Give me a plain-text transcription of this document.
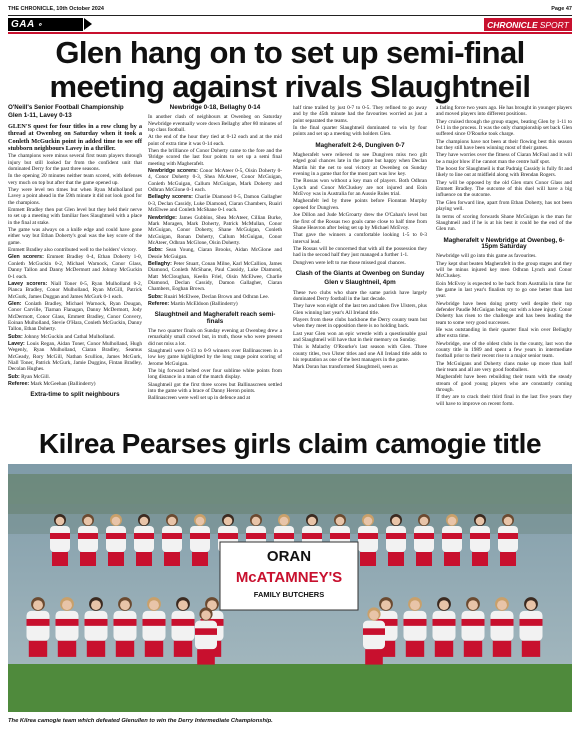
THE CHRONICLE, 10th October 2024	Page 47
GAA ⚬	CHRONICLE SPORT
Glen hang on to set up semi-final meeting against rivals Slaughtneil

O'Neill's Senior Football Championship

Glen 1-11, Lavey 0-13

GLEN'S quest for four titles in a row clung by a thread at Owenbeg on Saturday when it took a Conleth McGuckin point in added time to see off stubborn neighbours Lavey in a thriller.

The champions were minus several first team players through injury but still looked far from the confident unit that dominated Derry for the past three seasons.

In the opening 20 minutes neither team scored, with defenses very much on top but after that the game opened up.

They were level ten times but when Ryan Mulholland put Lavey a point ahead in the 59th minute it did not look good for the champions.

Emmett Bradley then put Glen level but they held their nerve to set up a meeting with familiar foes Slaughtneil with a place in the final at stake.

The game was always on a knife edge and could have gone either way but Ethan Doherty's goal was the key score of the game.

Emmett Bradley also contributed well to the holders' victory.

Glen scorers: Emmett Bradley 0-4, Ethan Doherty 1-0, Conleth McGuckin 0-2, Michael Warnock, Conor Glass, Danny Tallon and Danny McDermott and Johnny McGuckin 0-1 each.

Lavey scorers: Niall Toner 0-5, Ryan Mulholland 0-2, Pianca Bradley, Conor Mulholland, Ryan McGill, Patrick McGurk, James Duggan and James McGurk 0-1 each.

Glen: Conlath Bradley, Michael Warnock, Ryan Dougan, Conor Carville, Tiarnan Flanagan, Danny McDermott, Jody McDermott, Conor Glass, Emmett Bradley, Conor Convery, Eoinan Mulholland, Stevie O'Hara, Conleth McGuckin, Danny Tallon, Ethan Doherty.

Subs: Johnny McGuckin and Cathal Mulholland.

Lavey: Louis Regan, Aidan Toner, Conor Mulholland, Hugh Wegenly, Ryan Mulholland, Ciaran Bradley, Seamus McGeady, Rory McGill, Nathan Scullion, James McGurk, Niall Toner, Patrick McGurk, Jamie Duggins, Fintan Bradley, Decolan Hughes.

Sub: Ryan McGill.

Referee: Mark McGeehan (Ballinderry)

Extra-time to split neighbours

Newbridge 0-18, Bellaghy 0-14

In another clash of neighbours at Owenbeg on Saturday Newbridge eventually wore down Bellaghy after 80 minutes of top class football.

At the end of the hour they tied at 0-12 each and at the mid point of extra time it was 0-14 each.

Then the brilliance of Conor Doherty came to the fore and the 'Bridge scored the last four points to set up a semi final meeting with Magherafelt.

Newbridge scorers: Conor McAteer 0-5, Oisin Doherty 0-4, Conor Doherty 0-3, Shea McAteer, Conor McGuigan, Conleth McGuigan, Callum McGuigan, Mark Doherty and Odhran McGlone 0-1 each.

Bellaghy scorers: Charlie Diamond 0-5, Damon Gallagher 0-3, Declan Cassidy, Luke Diamond, Ciaran Chambers, Ruairi McElwee and Conleth McShane 0-1 each.

Newbridge: James Gubbins, Shea McAteer, Cillian Burke, Mark Moragen, Mark Doherty, Patrick McMullan, Conor McGuigan, Conor Doherty, Shane McGuigan, Conleth McGuigan, Ronan Doherty, Callum McGuigan, Conor McAteer, Odhran McGlone, Oisin Doherty.

Subs: Sean Young, Ciaran Brooks, Aidan McGlone and Dessie McGuigan.

Bellaghy: Peter Stuart, Conan Milne, Karl McCallion, James Diamond, Conleth McShane, Paul Cassidy, Luke Diamond, Matt McCloughan, Keelin Friel, Oisin McElwee, Charlie Diamond, Declan Cassidy, Damon Gallagher, Ciaran Chambers, Eoghan Brown.

Subs: Ruairi McElwee, Declan Brown and Odhran Lee.

Referee: Martin McEldoon (Ballinderry)

Slaughtneil and Magherafelt reach semi-finals

The two quarter finals on Sunday evening at Owenbeg drew a remarkably small crowd but, in truth, those who were present did not miss a lot.

Slaughtneil were 0-13 to 0-9 winners over Ballinascreen in a low key game highlighted by the long range point scoring of Jerome McGuigan.

The big forward belted over four sublime white points from long distance in a man of the match display.

Slaughtneil got the first three scores but Ballinascreen settled into the game with a brace of Danny Heron points.

Ballinascreen were well set up in defence and at

half time trailed by just 0-7 to 0-5. They refined to go away and by the 45th minute had the favourites worried as just a point separated the teams.

In the final quarter Slaughtneil dominated to win by four points and set up a meeting with holders Glen.

Magherafelt 2-6, Dungiven 0-7

Magherafelt were relieved to see Dungiven miss two gilt edged goal chances late in the game but happy when Declan Martin hit the net to seal victory at Owenbeg on Sunday evening in a game that for the most part was low key.

The Rossas won without a key man of players. Both Odhran Lynch and Conor McCluskey are not injured and Eoin McEvoy was in Australia for an Aussie Rules trial.

Magherafelt led by three points before Fionntan Murphy opened for Dungiven.

Joe Dillon and Jude McGroarty drew the O'Cahan's level but the first of the Rossas two goals came close to half time from Shane Heavron after being set up by Michael McEvoy.

That gave the winners a comfortable looking 1-5 to 0-3 interval lead.

The Rossas will be concerned that with all the possession they had in the second half they just managed a further 1-1.

Dungiven were left to rue those missed goal chances.

Clash of the Giants at Owenbeg on Sunday

Glen v Slaughtneil, 4pm

These two clubs who share the same parish have largely dominated Derry football in the last decade.

They have won eight of the last ten and taken five Ulsters, plus Glen winning last year's All Ireland title.

Players from these clubs backbone the Derry county team but when they meet in opposition there is no holding back.

Last year Glen won an epic wrestle with a questionable goal and Slaughtneil will have that in their memory on Sunday.

This is Malachy O'Rourke's last season with Glen. Three county titles, two Ulster titles and one All Ireland title adds to his reputation as one of the best managers in the game.

Mark Doran has transformed Slaughtneil, seen as

a fading force two years ago. He has brought in younger players and moved players into different positions.

They cruised through the group stages, beating Glen by 1-11 to 0-11 in the process. It was the only championship set back Glen suffered since O'Rourke took charge.

The champions have not been at their flowing best this season but they still have been winning most of their games.

They have worries over the fitness of Ciaran McFaul and it will be a major blow if he cannot man the centre half spot.

The boost for Slaughtneil is that Padraig Cassidy is fully fit and likely to line out at midfield along with Brendan Rogers.

They will be opposed by the old Glen stars Conor Glass and Emmett Bradley. The outcome of this duel will have a big influence on the outcome.

The Glen forward line, apart from Ethan Doherty, has not been playing well.

In terms of scoring forwards Shane McGuigan is the man for Slaughtneil and if he is at his best it could be the end of the Glen run.

Magherafelt v Newbridge at Owenbeg, 6-15pm Saturday

Newbridge will go into this game as favourites.

They kept shut beaten Magherafelt in the group stages and they will be minus injured key men Odhran Lynch and Conor McCluskey.

Eoin McEvoy is expected to be back from Australia in time for the game in last year's finalists try to go one better than last year.

Newbridge have been doing pretty well despite their top defender Paudie McGuigan being out with a knee injury. Conor Doherty has risen to the challenge and has been leading the team to some very good successes.

He was outstanding in their quarter final win over Bellaghy after extra time.

Newbridge, one of the oldest clubs in the county, last won the county title in 1989 and spent a few years in intermediate football prior to their recent rise to a major senior team.

The McGuigans and Doherty clans make up more than half their team and all are very good footballers.

Magherafelt have been rebuilding their team with the steady stream of good young players who are constantly coming through.

If they are to crack their third final in the last five years they will have to improve on recent form.

Kilrea Pearses girls claim camogie title
ORAN
McATAMNEY'S
FAMILY BUTCHERS

The Kilrea camogie team which defeated Glenullen to win the Derry Intermediate Championship.
